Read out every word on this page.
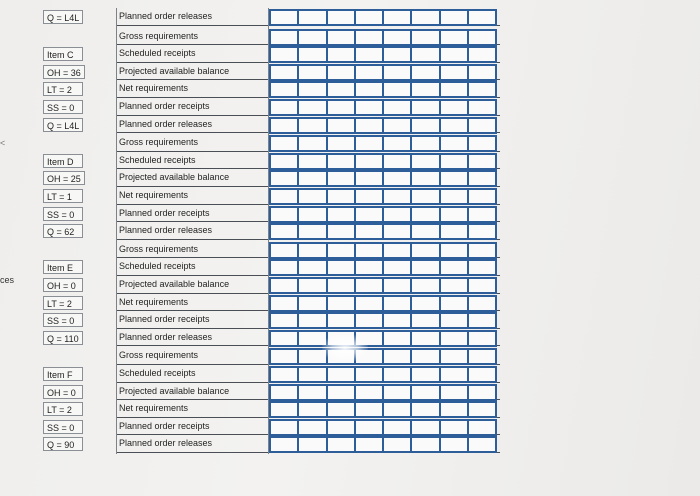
ces
<
Q = L4L	Planned order releases
Gross requirements
Scheduled receipts
Projected available balance
Net requirements
Planned order receipts
Planned order releases
Item C
OH = 36
LT = 2
SS = 0
Q = L4L
Gross requirements
Scheduled receipts
Projected available balance
Net requirements
Planned order receipts
Planned order releases
Item D
OH = 25
LT = 1
SS = 0
Q = 62
Gross requirements
Scheduled receipts
Projected available balance
Net requirements
Planned order receipts
Planned order releases
Item E
OH = 0
LT = 2
SS = 0
Q = 110
Gross requirements
Scheduled receipts
Projected available balance
Net requirements
Planned order receipts
Planned order releases
Item F
OH = 0
LT = 2
SS = 0
Q = 90
